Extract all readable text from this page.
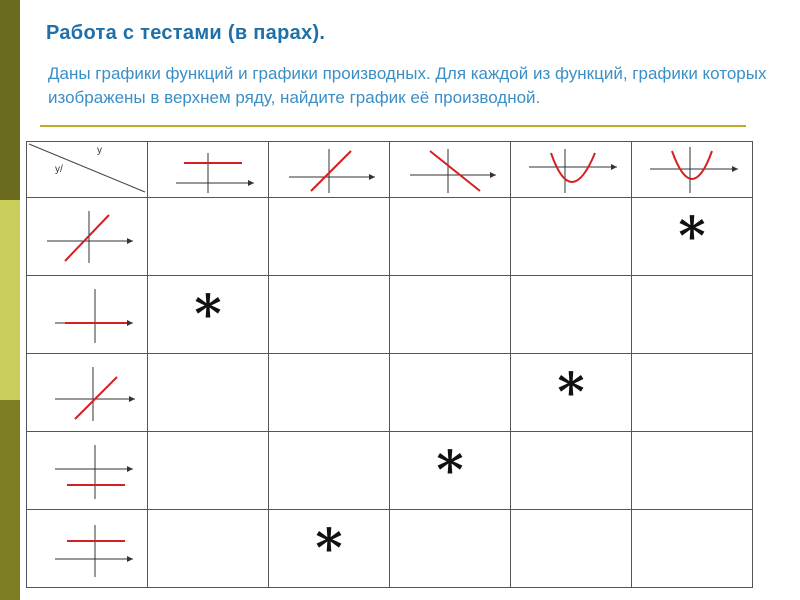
Работа с тестами (в парах).
Даны графики функций и графики производных. Для каждой из функций, графики которых изображены в верхнем ряду, найдите график её производной.
у
у/

					*

	*				

				*	

			*		

		*			
